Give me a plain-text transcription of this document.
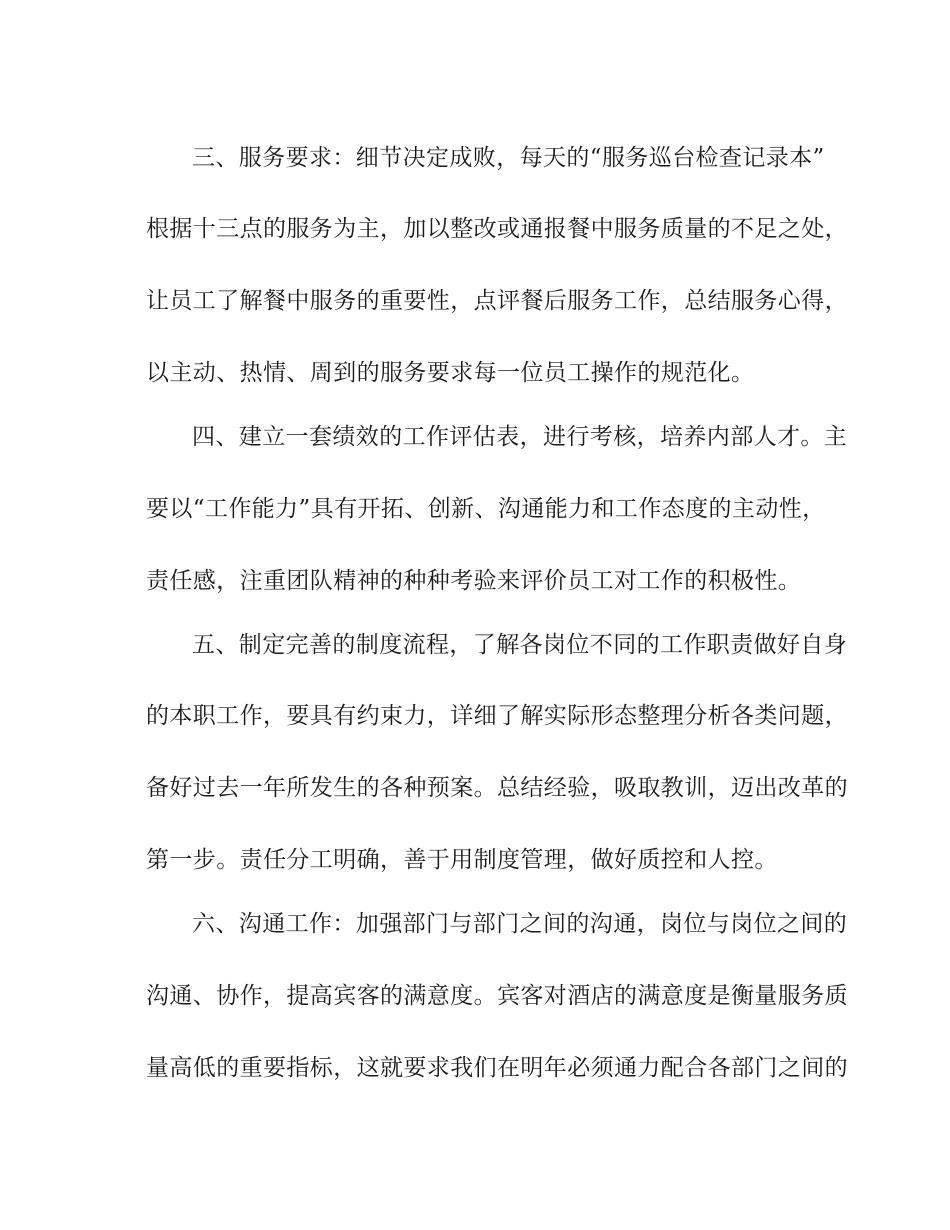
三、服务要求：细节决定成败，每天的“服务巡台检查记录本”
根据十三点的服务为主，加以整改或通报餐中服务质量的不足之处，
让员工了解餐中服务的重要性，点评餐后服务工作，总结服务心得，
以主动、热情、周到的服务要求每一位员工操作的规范化。
四、建立一套绩效的工作评估表，进行考核，培养内部人才。主
要以“工作能力”具有开拓、创新、沟通能力和工作态度的主动性，
责任感，注重团队精神的种种考验来评价员工对工作的积极性。
五、制定完善的制度流程，了解各岗位不同的工作职责做好自身
的本职工作，要具有约束力，详细了解实际形态整理分析各类问题，
备好过去一年所发生的各种预案。总结经验，吸取教训，迈出改革的
第一步。责任分工明确，善于用制度管理，做好质控和人控。
六、沟通工作：加强部门与部门之间的沟通，岗位与岗位之间的
沟通、协作，提高宾客的满意度。宾客对酒店的满意度是衡量服务质
量高低的重要指标，这就要求我们在明年必须通力配合各部门之间的
